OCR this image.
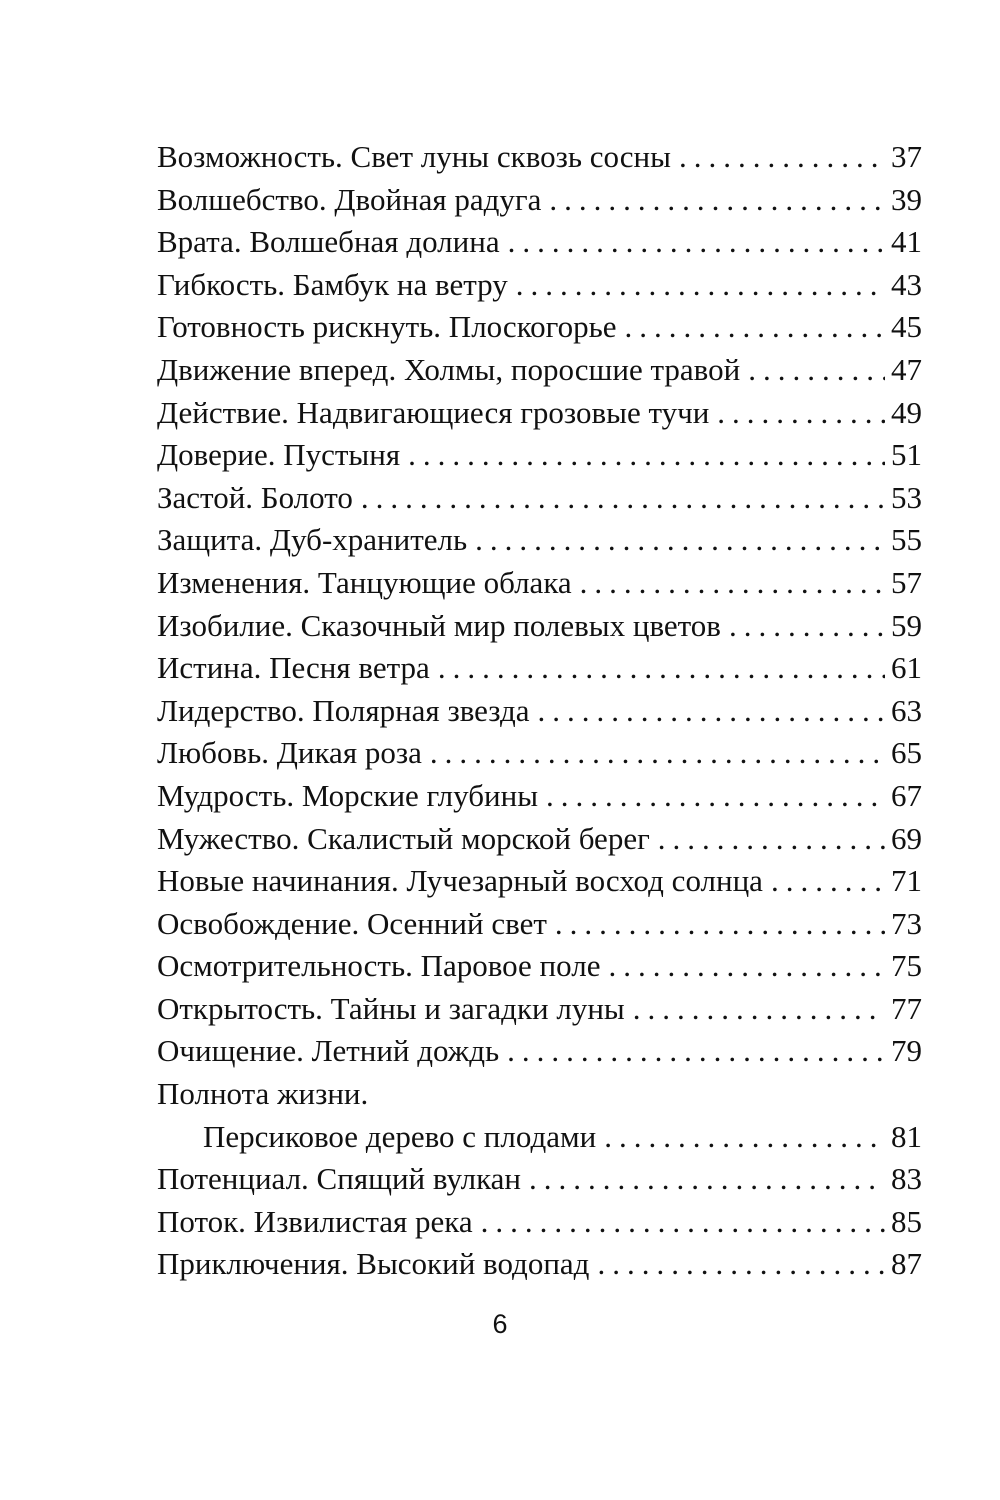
Возможность. Свет луны сквозь сосны .....	37
Волшебство. Двойная радуга .....	39
Врата. Волшебная долина .....	41
Гибкость. Бамбук на ветру .....	43
Готовность рискнуть. Плоскогорье .....	45
Движение вперед. Холмы, поросшие травой .....	47
Действие. Надвигающиеся грозовые тучи .....	49
Доверие. Пустыня .....	51
Застой. Болото .....	53
Защита. Дуб-хранитель .....	55
Изменения. Танцующие облака .....	57
Изобилие. Сказочный мир полевых цветов .....	59
Истина. Песня ветра .....	61
Лидерство. Полярная звезда .....	63
Любовь. Дикая роза .....	65
Мудрость. Морские глубины .....	67
Мужество. Скалистый морской берег .....	69
Новые начинания. Лучезарный восход солнца .....	71
Освобождение. Осенний свет .....	73
Осмотрительность. Паровое поле .....	75
Открытость. Тайны и загадки луны .....	77
Очищение. Летний дождь .....	79
Полнота жизни.
Персиковое дерево с плодами .....	81
Потенциал. Спящий вулкан .....	83
Поток. Извилистая река .....	85
Приключения. Высокий водопад .....	87
6
